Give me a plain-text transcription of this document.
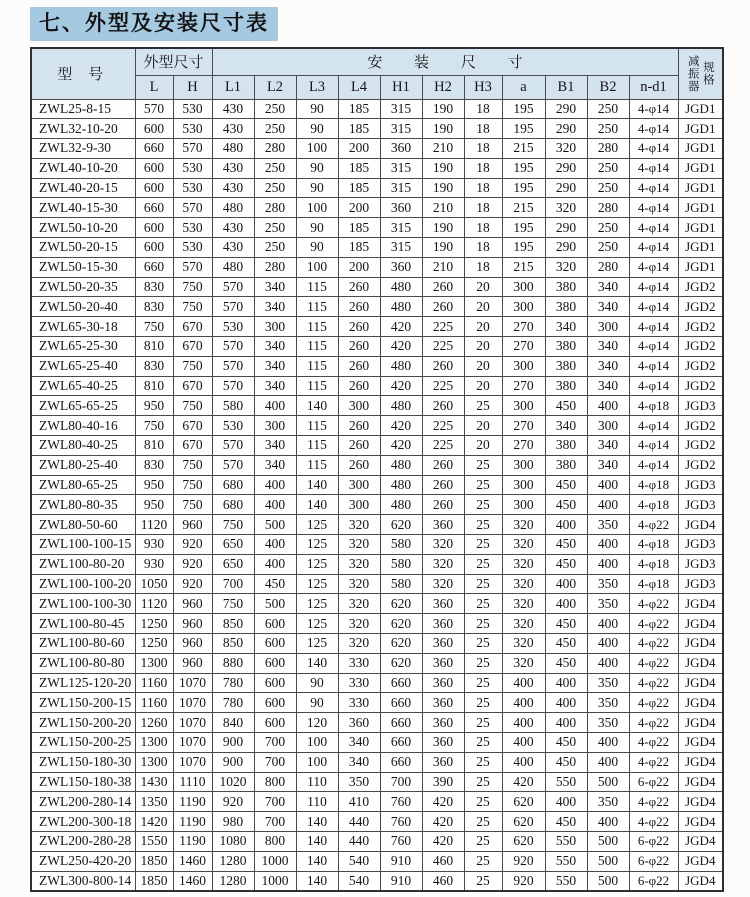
七、外型及安装尺寸表
型 号	外型尺寸		安 装 尺 寸											减振器 规格

	L	H	L1	L2	L3	L4	H1	H2	H3	a	B1	B2	n-d1	
ZWL25-8-15	570	530	430	250	90	185	315	190	18	195	290	250	4-φ14	JGD1
ZWL32-10-20	600	530	430	250	90	185	315	190	18	195	290	250	4-φ14	JGD1
ZWL32-9-30	660	570	480	280	100	200	360	210	18	215	320	280	4-φ14	JGD1
ZWL40-10-20	600	530	430	250	90	185	315	190	18	195	290	250	4-φ14	JGD1
ZWL40-20-15	600	530	430	250	90	185	315	190	18	195	290	250	4-φ14	JGD1
ZWL40-15-30	660	570	480	280	100	200	360	210	18	215	320	280	4-φ14	JGD1
ZWL50-10-20	600	530	430	250	90	185	315	190	18	195	290	250	4-φ14	JGD1
ZWL50-20-15	600	530	430	250	90	185	315	190	18	195	290	250	4-φ14	JGD1
ZWL50-15-30	660	570	480	280	100	200	360	210	18	215	320	280	4-φ14	JGD1
ZWL50-20-35	830	750	570	340	115	260	480	260	20	300	380	340	4-φ14	JGD2
ZWL50-20-40	830	750	570	340	115	260	480	260	20	300	380	340	4-φ14	JGD2
ZWL65-30-18	750	670	530	300	115	260	420	225	20	270	340	300	4-φ14	JGD2
ZWL65-25-30	810	670	570	340	115	260	420	225	20	270	380	340	4-φ14	JGD2
ZWL65-25-40	830	750	570	340	115	260	480	260	20	300	380	340	4-φ14	JGD2
ZWL65-40-25	810	670	570	340	115	260	420	225	20	270	380	340	4-φ14	JGD2
ZWL65-65-25	950	750	580	400	140	300	480	260	25	300	450	400	4-φ18	JGD3
ZWL80-40-16	750	670	530	300	115	260	420	225	20	270	340	300	4-φ14	JGD2
ZWL80-40-25	810	670	570	340	115	260	420	225	20	270	380	340	4-φ14	JGD2
ZWL80-25-40	830	750	570	340	115	260	480	260	25	300	380	340	4-φ14	JGD2
ZWL80-65-25	950	750	680	400	140	300	480	260	25	300	450	400	4-φ18	JGD3
ZWL80-80-35	950	750	680	400	140	300	480	260	25	300	450	400	4-φ18	JGD3
ZWL80-50-60	1120	960	750	500	125	320	620	360	25	320	400	350	4-φ22	JGD4
ZWL100-100-15	930	920	650	400	125	320	580	320	25	320	450	400	4-φ18	JGD3
ZWL100-80-20	930	920	650	400	125	320	580	320	25	320	450	400	4-φ18	JGD3
ZWL100-100-20	1050	920	700	450	125	320	580	320	25	320	400	350	4-φ18	JGD3
ZWL100-100-30	1120	960	750	500	125	320	620	360	25	320	400	350	4-φ22	JGD4
ZWL100-80-45	1250	960	850	600	125	320	620	360	25	320	450	400	4-φ22	JGD4
ZWL100-80-60	1250	960	850	600	125	320	620	360	25	320	450	400	4-φ22	JGD4
ZWL100-80-80	1300	960	880	600	140	330	620	360	25	320	450	400	4-φ22	JGD4
ZWL125-120-20	1160	1070	780	600	90	330	660	360	25	400	400	350	4-φ22	JGD4
ZWL150-200-15	1160	1070	780	600	90	330	660	360	25	400	400	350	4-φ22	JGD4
ZWL150-200-20	1260	1070	840	600	120	360	660	360	25	400	400	350	4-φ22	JGD4
ZWL150-200-25	1300	1070	900	700	100	340	660	360	25	400	450	400	4-φ22	JGD4
ZWL150-180-30	1300	1070	900	700	100	340	660	360	25	400	450	400	4-φ22	JGD4
ZWL150-180-38	1430	1110	1020	800	110	350	700	390	25	420	550	500	6-φ22	JGD4
ZWL200-280-14	1350	1190	920	700	110	410	760	420	25	620	400	350	4-φ22	JGD4
ZWL200-300-18	1420	1190	980	700	140	440	760	420	25	620	450	400	4-φ22	JGD4
ZWL200-280-28	1550	1190	1080	800	140	440	760	420	25	620	550	500	6-φ22	JGD4
ZWL250-420-20	1850	1460	1280	1000	140	540	910	460	25	920	550	500	6-φ22	JGD4
ZWL300-800-14	1850	1460	1280	1000	140	540	910	460	25	920	550	500	6-φ22	JGD4
